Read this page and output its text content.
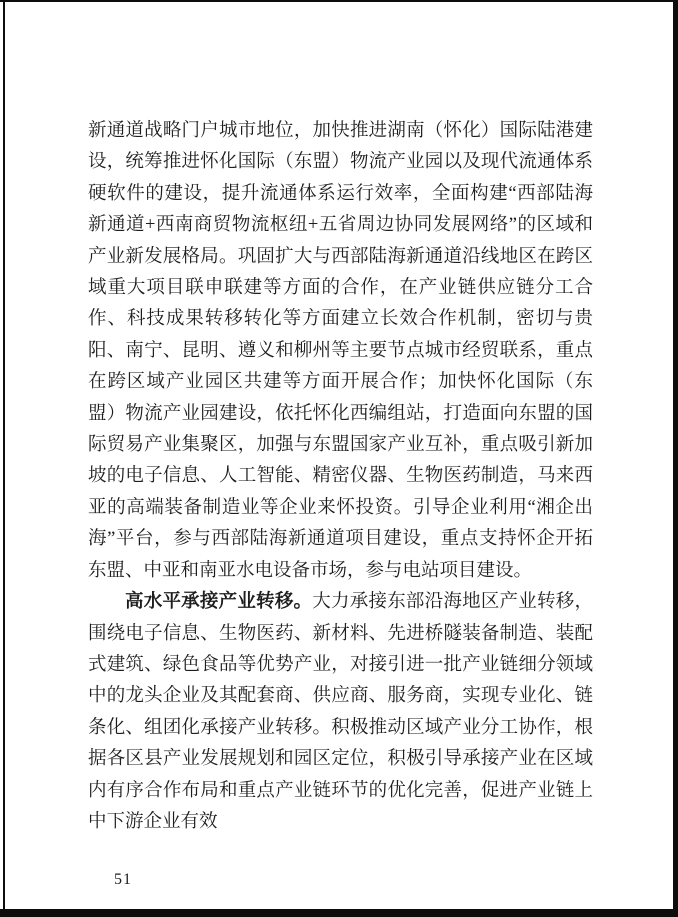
新通道战略门户城市地位，加快推进湖南（怀化）国际陆港建设，统筹推进怀化国际（东盟）物流产业园以及现代流通体系硬软件的建设，提升流通体系运行效率，全面构建“西部陆海新通道+西南商贸物流枢纽+五省周边协同发展网络”的区域和产业新发展格局。巩固扩大与西部陆海新通道沿线地区在跨区域重大项目联申联建等方面的合作，在产业链供应链分工合作、科技成果转移转化等方面建立长效合作机制，密切与贵阳、南宁、昆明、遵义和柳州等主要节点城市经贸联系，重点在跨区域产业园区共建等方面开展合作；加快怀化国际（东盟）物流产业园建设，依托怀化西编组站，打造面向东盟的国际贸易产业集聚区，加强与东盟国家产业互补，重点吸引新加坡的电子信息、人工智能、精密仪器、生物医药制造，马来西亚的高端装备制造业等企业来怀投资。引导企业利用“湘企出海”平台，参与西部陆海新通道项目建设，重点支持怀企开拓东盟、中亚和南亚水电设备市场，参与电站项目建设。

高水平承接产业转移。大力承接东部沿海地区产业转移，围绕电子信息、生物医药、新材料、先进桥隧装备制造、装配式建筑、绿色食品等优势产业，对接引进一批产业链细分领域中的龙头企业及其配套商、供应商、服务商，实现专业化、链条化、组团化承接产业转移。积极推动区域产业分工协作，根据各区县产业发展规划和园区定位，积极引导承接产业在区域内有序合作布局和重点产业链环节的优化完善，促进产业链上中下游企业有效

51
